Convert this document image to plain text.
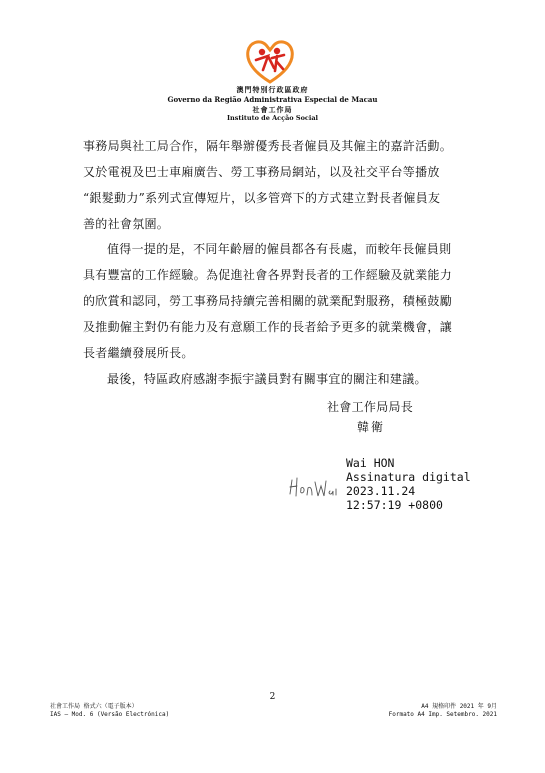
澳門特別行政區政府
Governo da Região Administrativa Especial de Macau
社會工作局
Instituto de Acção Social
事務局與社工局合作，隔年舉辦優秀長者僱員及其僱主的嘉許活動。
又於電視及巴士車廂廣告、勞工事務局網站，以及社交平台等播放
“銀髮動力”系列式宣傳短片，以多管齊下的方式建立對長者僱員友
善的社會氛圍。
值得一提的是，不同年齡層的僱員都各有長處，而較年長僱員則
具有豐富的工作經驗。為促進社會各界對長者的工作經驗及就業能力
的欣賞和認同，勞工事務局持續完善相關的就業配對服務，積極鼓勵
及推動僱主對仍有能力及有意願工作的長者給予更多的就業機會，讓
長者繼續發展所長。
最後，特區政府感謝李振宇議員對有關事宜的關注和建議。
社會工作局局長
韓衛
Wai HON
Assinatura digital
2023.11.24
12:57:19 +0800
2
社會工作局 格式六（電子版本）
IAS – Mod. 6 (Versão Electrónica)
A4 規格印件 2021 年 9月
Formato A4 Imp. Setembro. 2021
